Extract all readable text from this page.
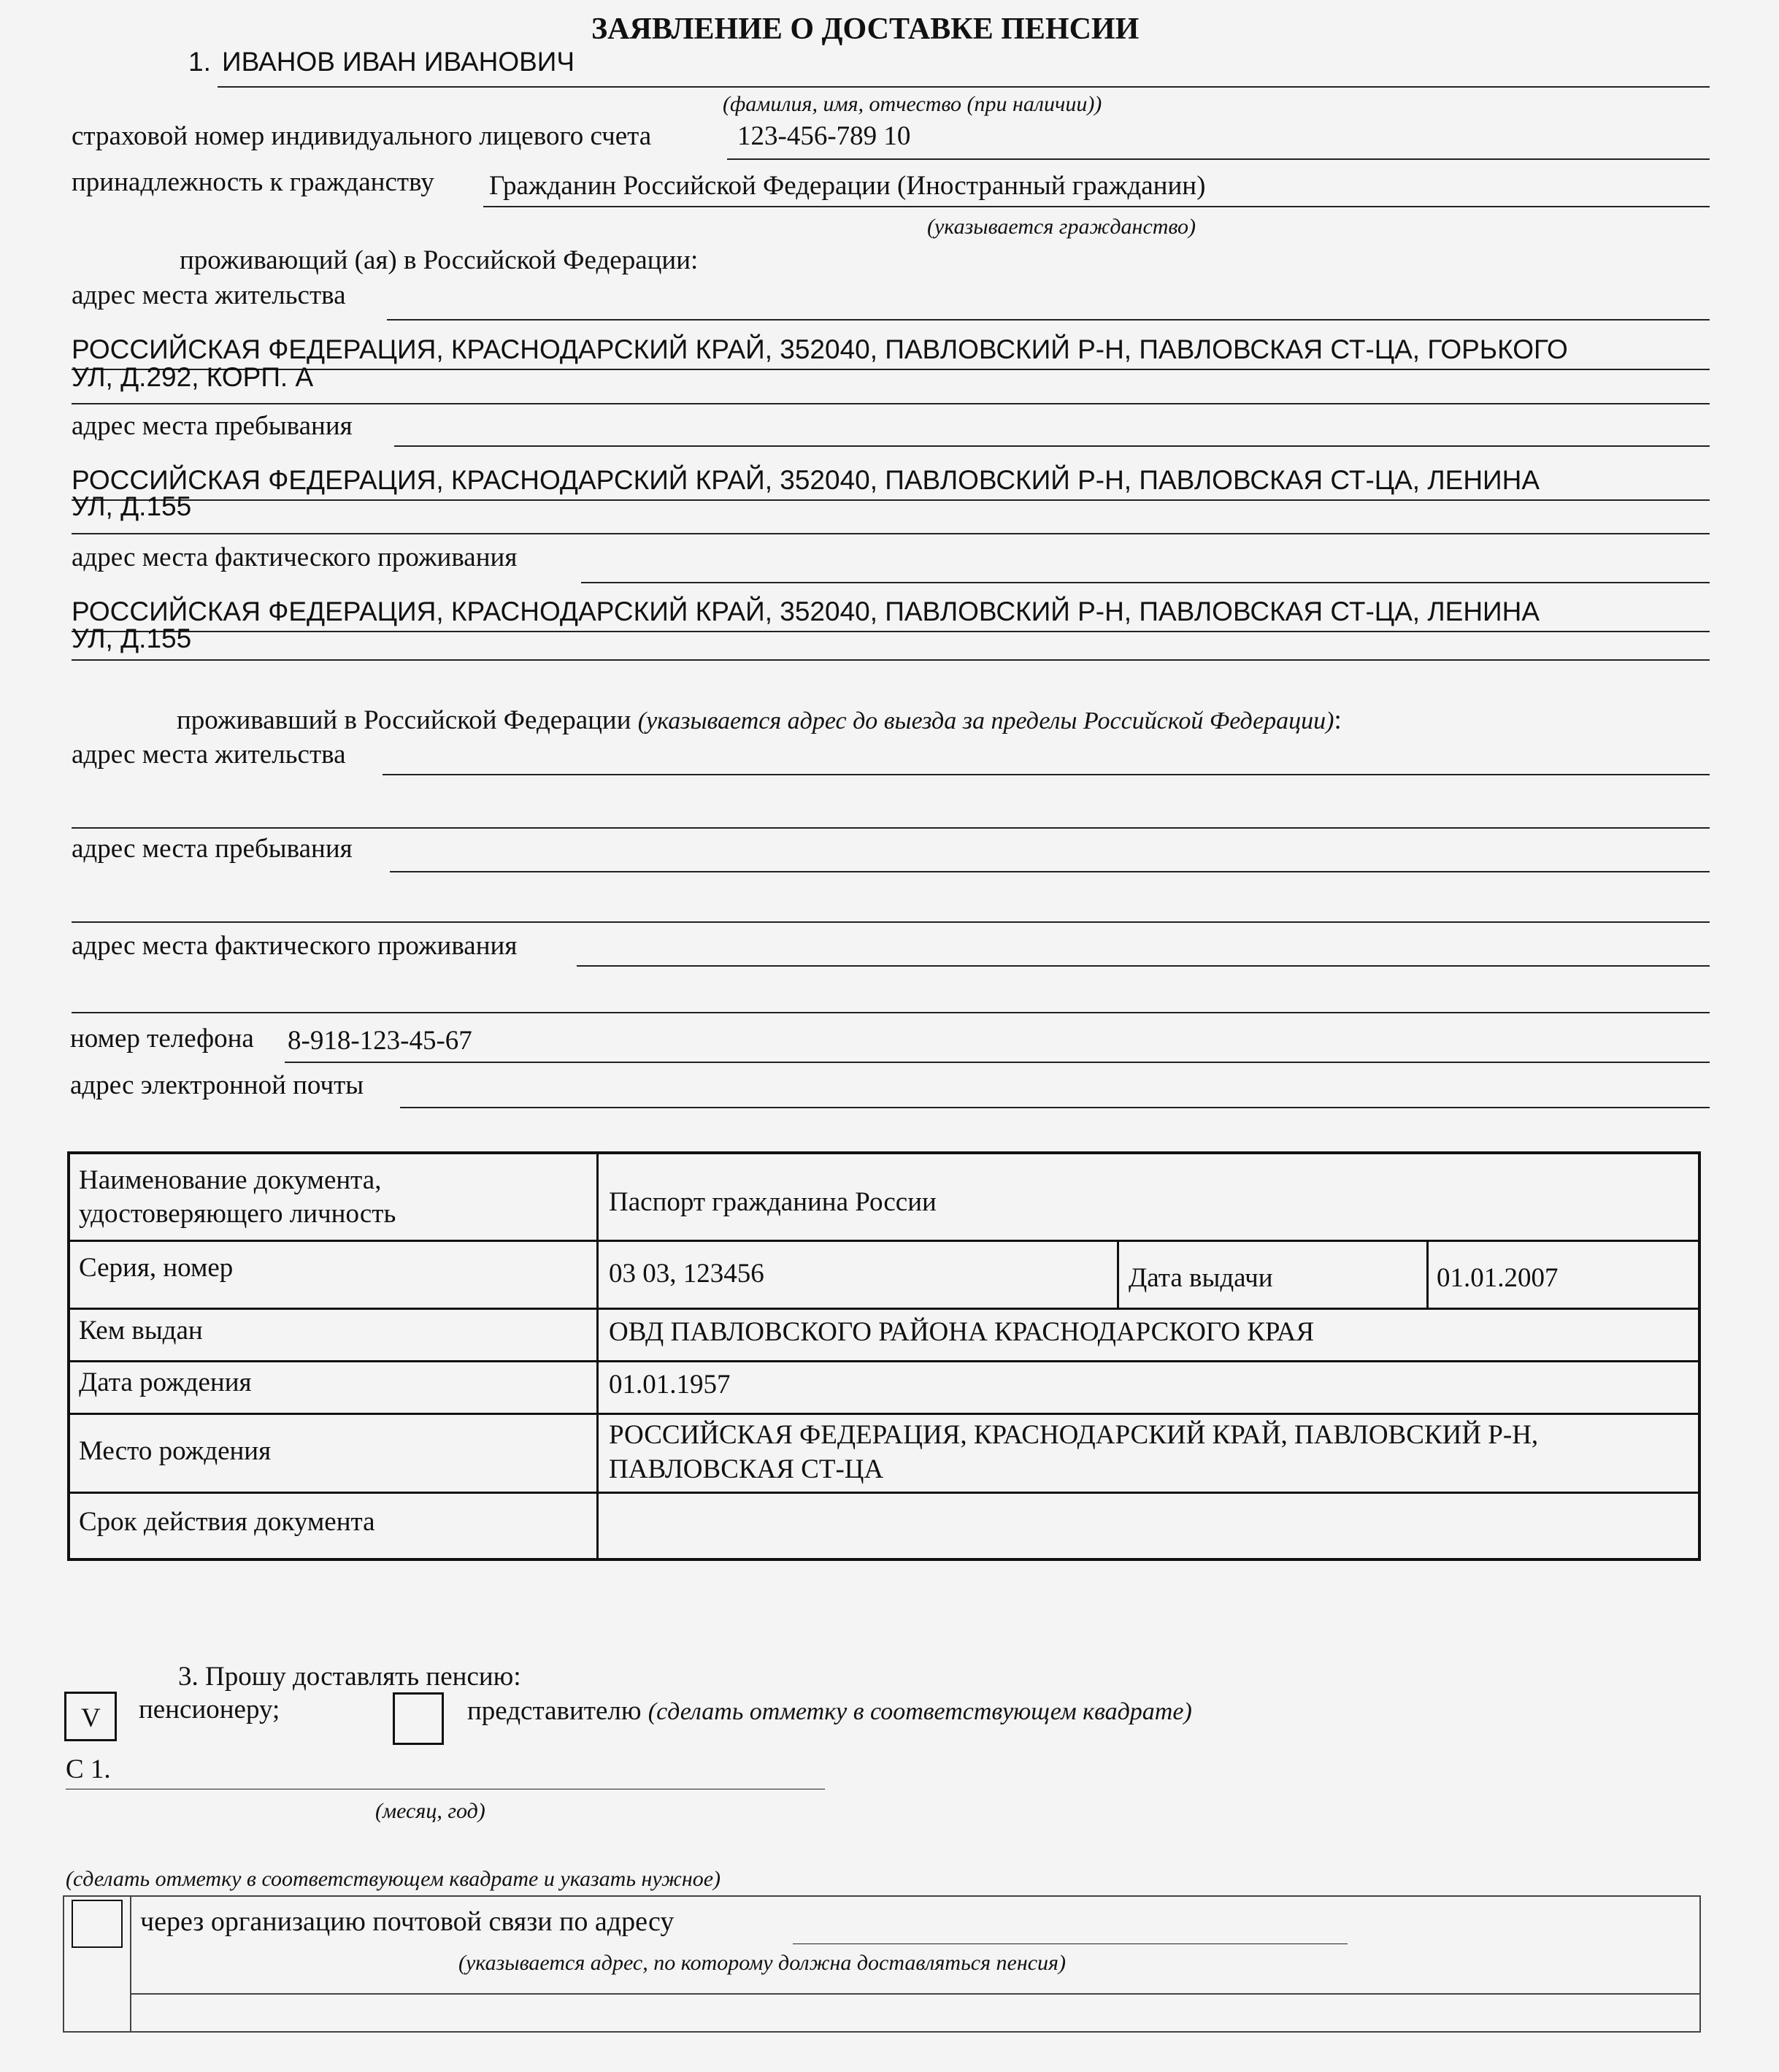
ЗАЯВЛЕНИЕ О ДОСТАВКЕ ПЕНСИИ
1. ИВАНОВ ИВАН ИВАНОВИЧ
(фамилия, имя, отчество (при наличии))
страховой номер индивидуального лицевого счета	123-456-789 10
принадлежность к гражданству Гражданин Российской Федерации (Иностранный гражданин)
(указывается гражданство)
проживающий (ая) в Российской Федерации:
адрес места жительства
РОССИЙСКАЯ ФЕДЕРАЦИЯ, КРАСНОДАРСКИЙ КРАЙ, 352040, ПАВЛОВСКИЙ Р-Н, ПАВЛОВСКАЯ СТ-ЦА, ГОРЬКОГО
УЛ, Д.292, КОРП. А
адрес места пребывания
РОССИЙСКАЯ ФЕДЕРАЦИЯ, КРАСНОДАРСКИЙ КРАЙ, 352040, ПАВЛОВСКИЙ Р-Н, ПАВЛОВСКАЯ СТ-ЦА, ЛЕНИНА
УЛ, Д.155
адрес места фактического проживания
РОССИЙСКАЯ ФЕДЕРАЦИЯ, КРАСНОДАРСКИЙ КРАЙ, 352040, ПАВЛОВСКИЙ Р-Н, ПАВЛОВСКАЯ СТ-ЦА, ЛЕНИНА
УЛ, Д.155
проживавший в Российской Федерации (указывается адрес до выезда за пределы Российской Федерации):
адрес места жительства
адрес места пребывания
адрес места фактического проживания
номер телефона 8-918-123-45-67
адрес электронной почты
Наименование документа,
удостоверяющего личность	Паспорт гражданина России
Серия, номер	03 03, 123456	Дата выдачи	01.01.2007
Кем выдан	ОВД ПАВЛОВСКОГО РАЙОНА КРАСНОДАРСКОГО КРАЯ
Дата рождения	01.01.1957
Место рождения
РОССИЙСКАЯ ФЕДЕРАЦИЯ, КРАСНОДАРСКИЙ КРАЙ, ПАВЛОВСКИЙ Р-Н,
ПАВЛОВСКАЯ СТ-ЦА
Срок действия документа
3. Прошу доставлять пенсию:
V пенсионеру;	представителю (сделать отметку в соответствующем квадрате)
С 1.
(месяц, год)
(сделать отметку в соответствующем квадрате и указать нужное)
через организацию почтовой связи по адресу
(указывается адрес, по которому должна доставляться пенсия)
